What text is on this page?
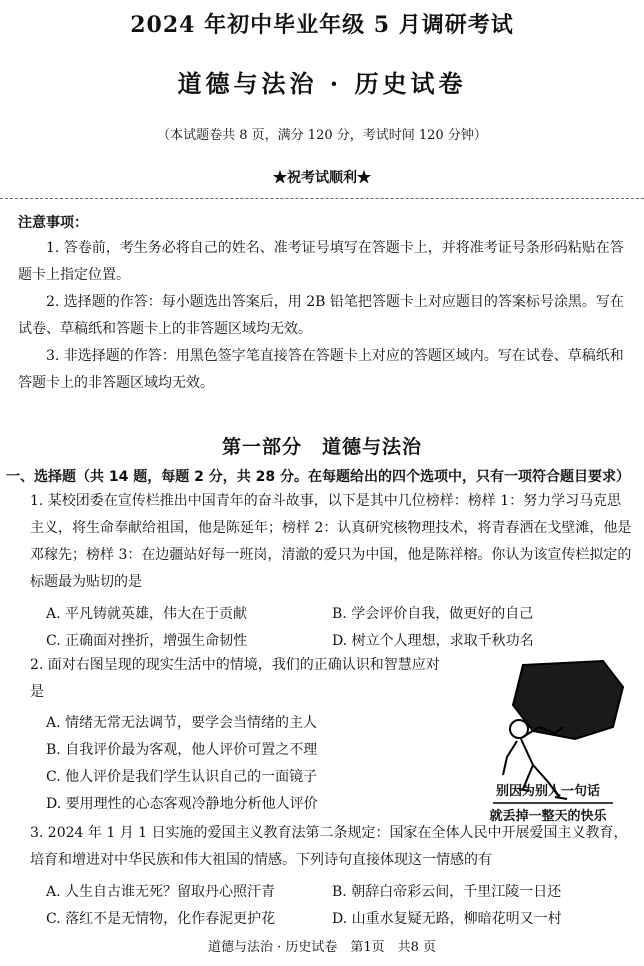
2024 年初中毕业年级 5 月调研考试
道德与法治 · 历史试卷
（本试题卷共 8 页，满分 120 分，考试时间 120 分钟）
★祝考试顺利★
注意事项：
1. 答卷前，考生务必将自己的姓名、准考证号填写在答题卡上，并将准考证号条形码粘贴在答题卡上指定位置。
2. 选择题的作答：每小题选出答案后，用 2B 铅笔把答题卡上对应题目的答案标号涂黑。写在试卷、草稿纸和答题卡上的非答题区域均无效。
3. 非选择题的作答：用黑色签字笔直接答在答题卡上对应的答题区域内。写在试卷、草稿纸和答题卡上的非答题区域均无效。
第一部分　道德与法治
一、选择题（共 14 题，每题 2 分，共 28 分。在每题给出的四个选项中，只有一项符合题目要求）
1. 某校团委在宣传栏推出中国青年的奋斗故事，以下是其中几位榜样：榜样 1：努力学习马克思主义，将生命奉献给祖国，他是陈延年；榜样 2：认真研究核物理技术，将青春洒在戈壁滩，他是邓稼先；榜样 3：在边疆站好每一班岗，清澈的爱只为中国，他是陈祥榕。你认为该宣传栏拟定的标题最为贴切的是
A. 平凡铸就英雄，伟大在于贡献	B. 学会评价自我，做更好的自己
C. 正确面对挫折，增强生命韧性	D. 树立个人理想，求取千秋功名
2. 面对右图呈现的现实生活中的情境，我们的正确认识和智慧应对是
A. 情绪无常无法调节，要学会当情绪的主人
B. 自我评价最为客观，他人评价可置之不理
C. 他人评价是我们学生认识自己的一面镜子
D. 要用理性的心态客观冷静地分析他人评价
别因为别人一句话
就丢掉一整天的快乐
3. 2024 年 1 月 1 日实施的爱国主义教育法第二条规定：国家在全体人民中开展爱国主义教育，培育和增进对中华民族和伟大祖国的情感。下列诗句直接体现这一情感的有
A. 人生自古谁无死？留取丹心照汗青	B. 朝辞白帝彩云间，千里江陵一日还
C. 落红不是无情物，化作春泥更护花	D. 山重水复疑无路，柳暗花明又一村
道德与法治 · 历史试卷　第1页　共8 页
